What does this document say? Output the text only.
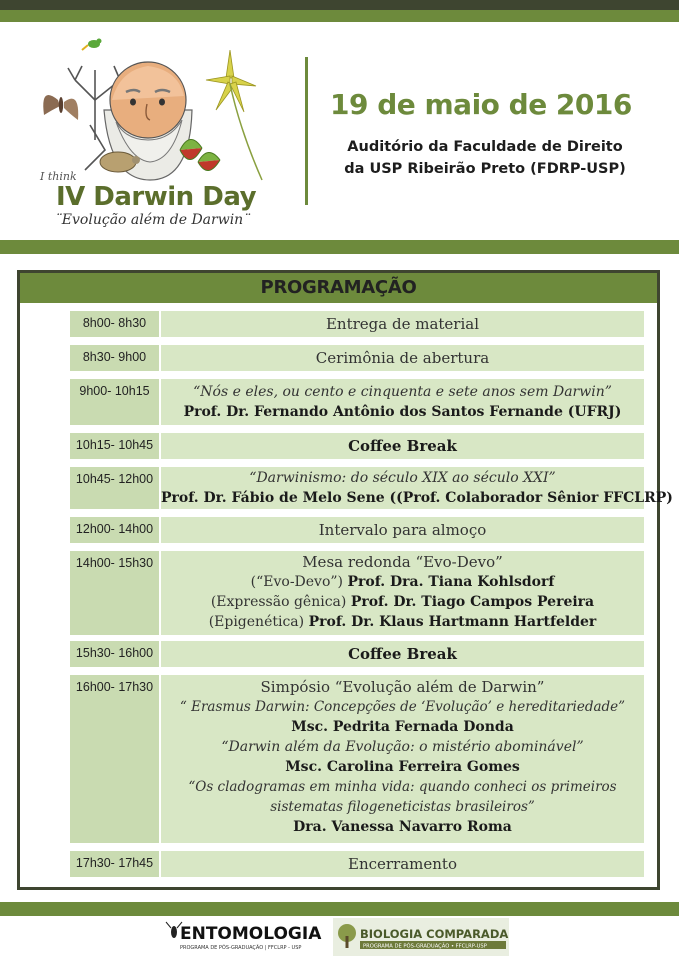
I think
IV Darwin Day
¨Evolução além de Darwin¨
19 de maio de 2016
Auditório da Faculdade de Direito
da USP Ribeirão Preto (FDRP-USP)
PROGRAMAÇÃO
8h00- 8h30	Entrega de material
8h30- 9h00	Cerimônia de abertura
9h00- 10h15	“Nós e eles, ou cento e cinquenta e sete anos sem Darwin”
Prof. Dr. Fernando Antônio dos Santos Fernande (UFRJ)
10h15- 10h45	Coffee Break
10h45- 12h00	“Darwinismo: do século XIX ao século XXI”
Prof. Dr. Fábio de Melo Sene ((Prof. Colaborador Sênior FFCLRP)
12h00- 14h00	Intervalo para almoço
14h00- 15h30	Mesa redonda “Evo-Devo”
(“Evo-Devo”) Prof. Dra. Tiana Kohlsdorf
(Expressão gênica) Prof. Dr. Tiago Campos Pereira
(Epigenética) Prof. Dr. Klaus Hartmann Hartfelder
15h30- 16h00	Coffee Break
16h00- 17h30	Simpósio “Evolução além de Darwin”
“ Erasmus Darwin: Concepções de ‘Evolução’ e hereditariedade”
Msc. Pedrita Fernada Donda
“Darwin além da Evolução: o mistério abominável”
Msc. Carolina Ferreira Gomes
“Os cladogramas em minha vida: quando conheci os primeiros
sistematas filogeneticistas brasileiros”
Dra. Vanessa Navarro Roma
17h30- 17h45	Encerramento
ENTOMOLOGIA
PROGRAMA DE PÓS-GRADUAÇÃO | FFCLRP - USP
BIOLOGIA COMPARADA
PROGRAMA DE PÓS-GRADUAÇÃO • FFCLRP-USP
